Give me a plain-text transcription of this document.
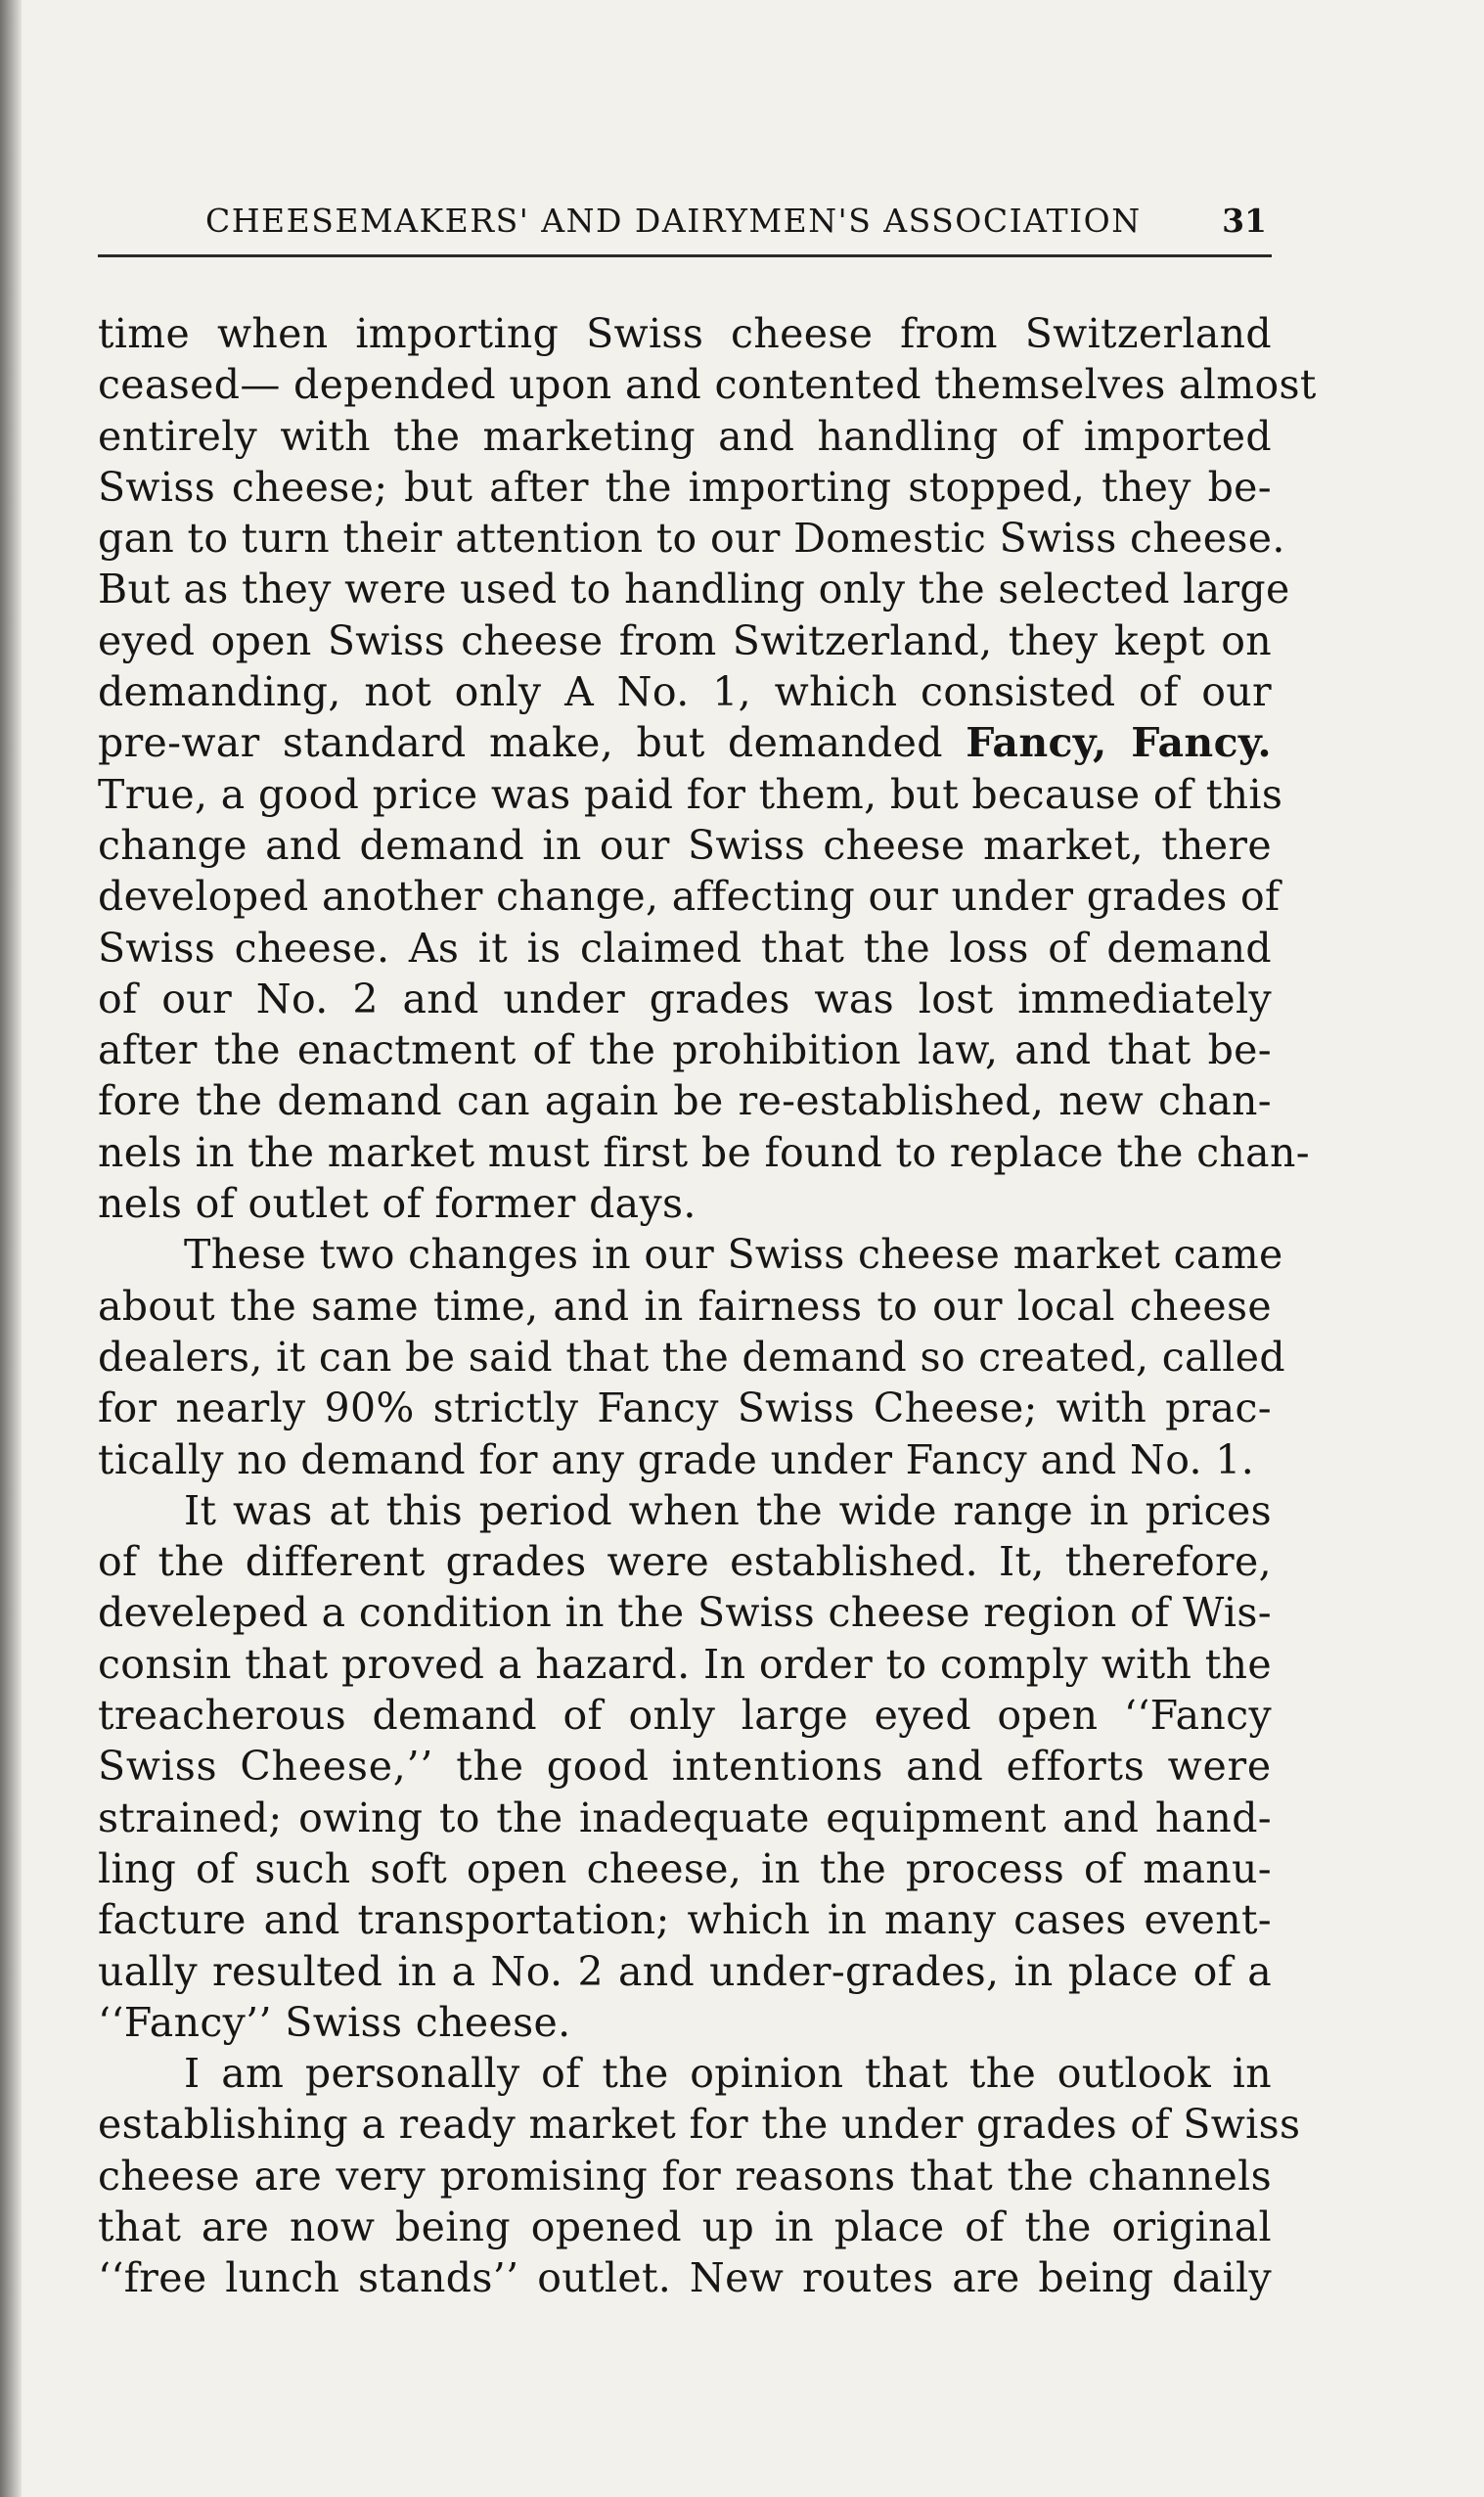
CHEESEMAKERS' AND DAIRYMEN'S ASSOCIATION 31
time when importing Swiss cheese from Switzerland
ceased— depended upon and contented themselves almost
entirely with the marketing and handling of imported
Swiss cheese; but after the importing stopped, they be-
gan to turn their attention to our Domestic Swiss cheese.
But as they were used to handling only the selected large
eyed open Swiss cheese from Switzerland, they kept on
demanding, not only A No. 1, which consisted of our
pre-war standard make, but demanded Fancy, Fancy.
True, a good price was paid for them, but because of this
change and demand in our Swiss cheese market, there
developed another change, affecting our under grades of
Swiss cheese. As it is claimed that the loss of demand
of our No. 2 and under grades was lost immediately
after the enactment of the prohibition law, and that be-
fore the demand can again be re-established, new chan-
nels in the market must first be found to replace the chan-
nels of outlet of former days.
These two changes in our Swiss cheese market came
about the same time, and in fairness to our local cheese
dealers, it can be said that the demand so created, called
for nearly 90% strictly Fancy Swiss Cheese; with prac-
tically no demand for any grade under Fancy and No. 1.
It was at this period when the wide range in prices
of the different grades were established. It, therefore,
develeped a condition in the Swiss cheese region of Wis-
consin that proved a hazard. In order to comply with the
treacherous demand of only large eyed open ‘‘Fancy
Swiss Cheese,’’ the good intentions and efforts were
strained; owing to the inadequate equipment and hand-
ling of such soft open cheese, in the process of manu-
facture and transportation; which in many cases event-
ually resulted in a No. 2 and under-grades, in place of a
‘‘Fancy’’ Swiss cheese.
I am personally of the opinion that the outlook in
establishing a ready market for the under grades of Swiss
cheese are very promising for reasons that the channels
that are now being opened up in place of the original
‘‘free lunch stands’’ outlet. New routes are being daily
